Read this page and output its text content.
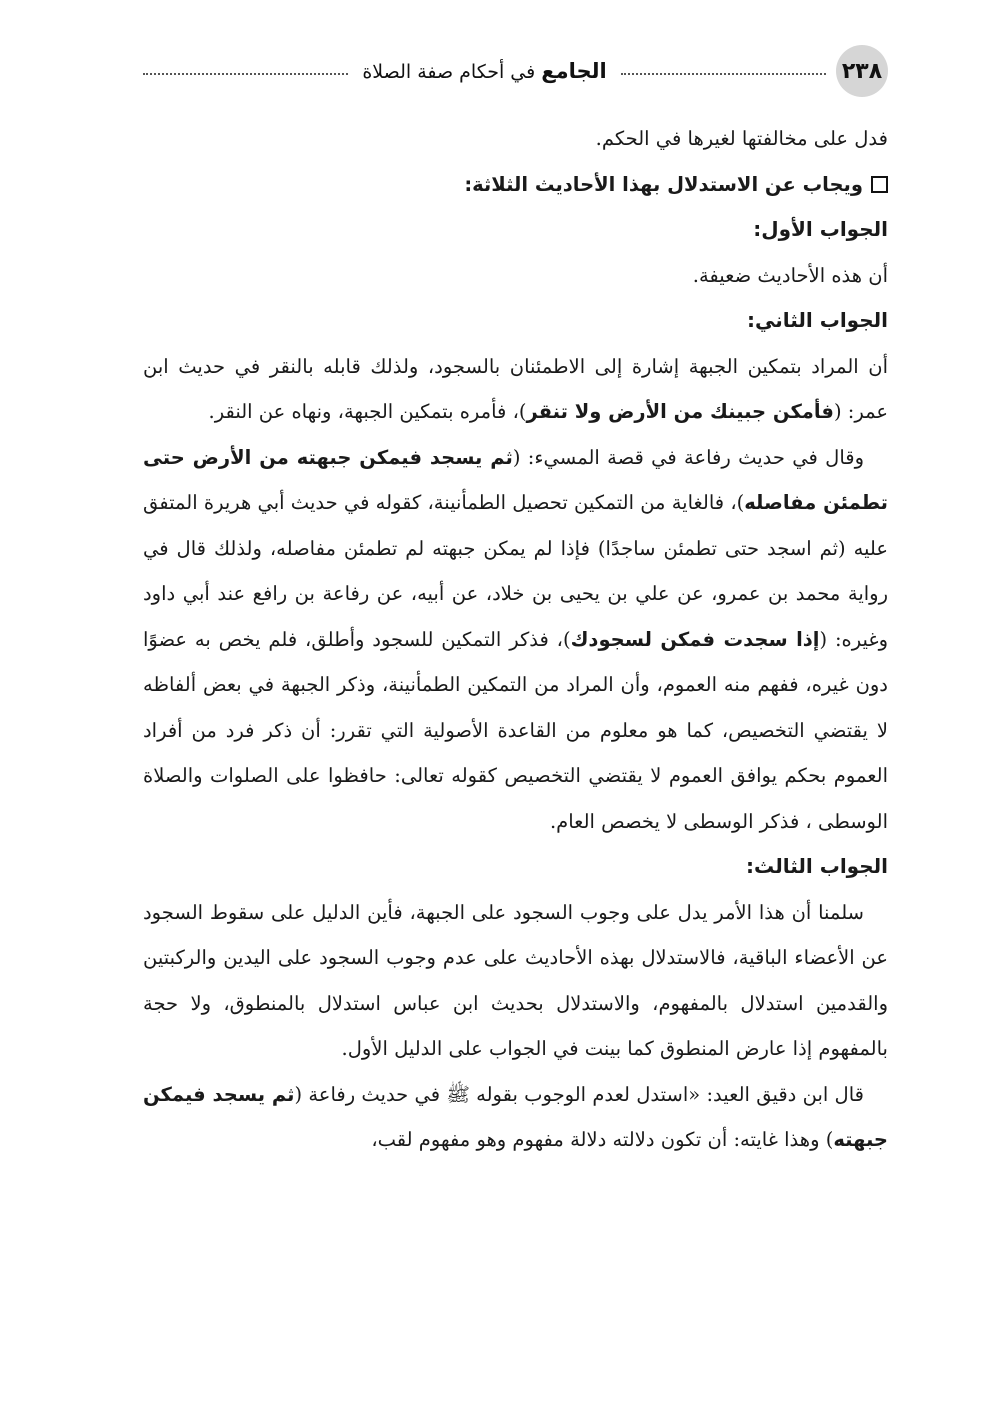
٢٣٨
الجامع في أحكام صفة الصلاة

فدل على مخالفتها لغيرها في الحكم.

ويجاب عن الاستدلال بهذا الأحاديث الثلاثة:

الجواب الأول:

أن هذه الأحاديث ضعيفة.

الجواب الثاني:

أن المراد بتمكين الجبهة إشارة إلى الاطمئنان بالسجود، ولذلك قابله بالنقر في حديث ابن عمر: (فأمكن جبينك من الأرض ولا تنقر)، فأمره بتمكين الجبهة، ونهاه عن النقر.

وقال في حديث رفاعة في قصة المسيء: (ثم يسجد فيمكن جبهته من الأرض حتى تطمئن مفاصله)، فالغاية من التمكين تحصيل الطمأنينة، كقوله في حديث أبي هريرة المتفق عليه (ثم اسجد حتى تطمئن ساجدًا) فإذا لم يمكن جبهته لم تطمئن مفاصله، ولذلك قال في رواية محمد بن عمرو، عن علي بن يحيى بن خلاد، عن أبيه، عن رفاعة بن رافع عند أبي داود وغيره: (إذا سجدت فمكن لسجودك)، فذكر التمكين للسجود وأطلق، فلم يخص به عضوًا دون غيره، ففهم منه العموم، وأن المراد من التمكين الطمأنينة، وذكر الجبهة في بعض ألفاظه لا يقتضي التخصيص، كما هو معلوم من القاعدة الأصولية التي تقرر: أن ذكر فرد من أفراد العموم بحكم يوافق العموم لا يقتضي التخصيص كقوله تعالى: حافظوا على الصلوات والصلاة الوسطى ، فذكر الوسطى لا يخصص العام.

الجواب الثالث:

سلمنا أن هذا الأمر يدل على وجوب السجود على الجبهة، فأين الدليل على سقوط السجود عن الأعضاء الباقية، فالاستدلال بهذه الأحاديث على عدم وجوب السجود على اليدين والركبتين والقدمين استدلال بالمفهوم، والاستدلال بحديث ابن عباس استدلال بالمنطوق، ولا حجة بالمفهوم إذا عارض المنطوق كما بينت في الجواب على الدليل الأول.

قال ابن دقيق العيد: «استدل لعدم الوجوب بقوله ﷺ في حديث رفاعة (ثم يسجد فيمكن جبهته) وهذا غايته: أن تكون دلالته دلالة مفهوم وهو مفهوم لقب،
